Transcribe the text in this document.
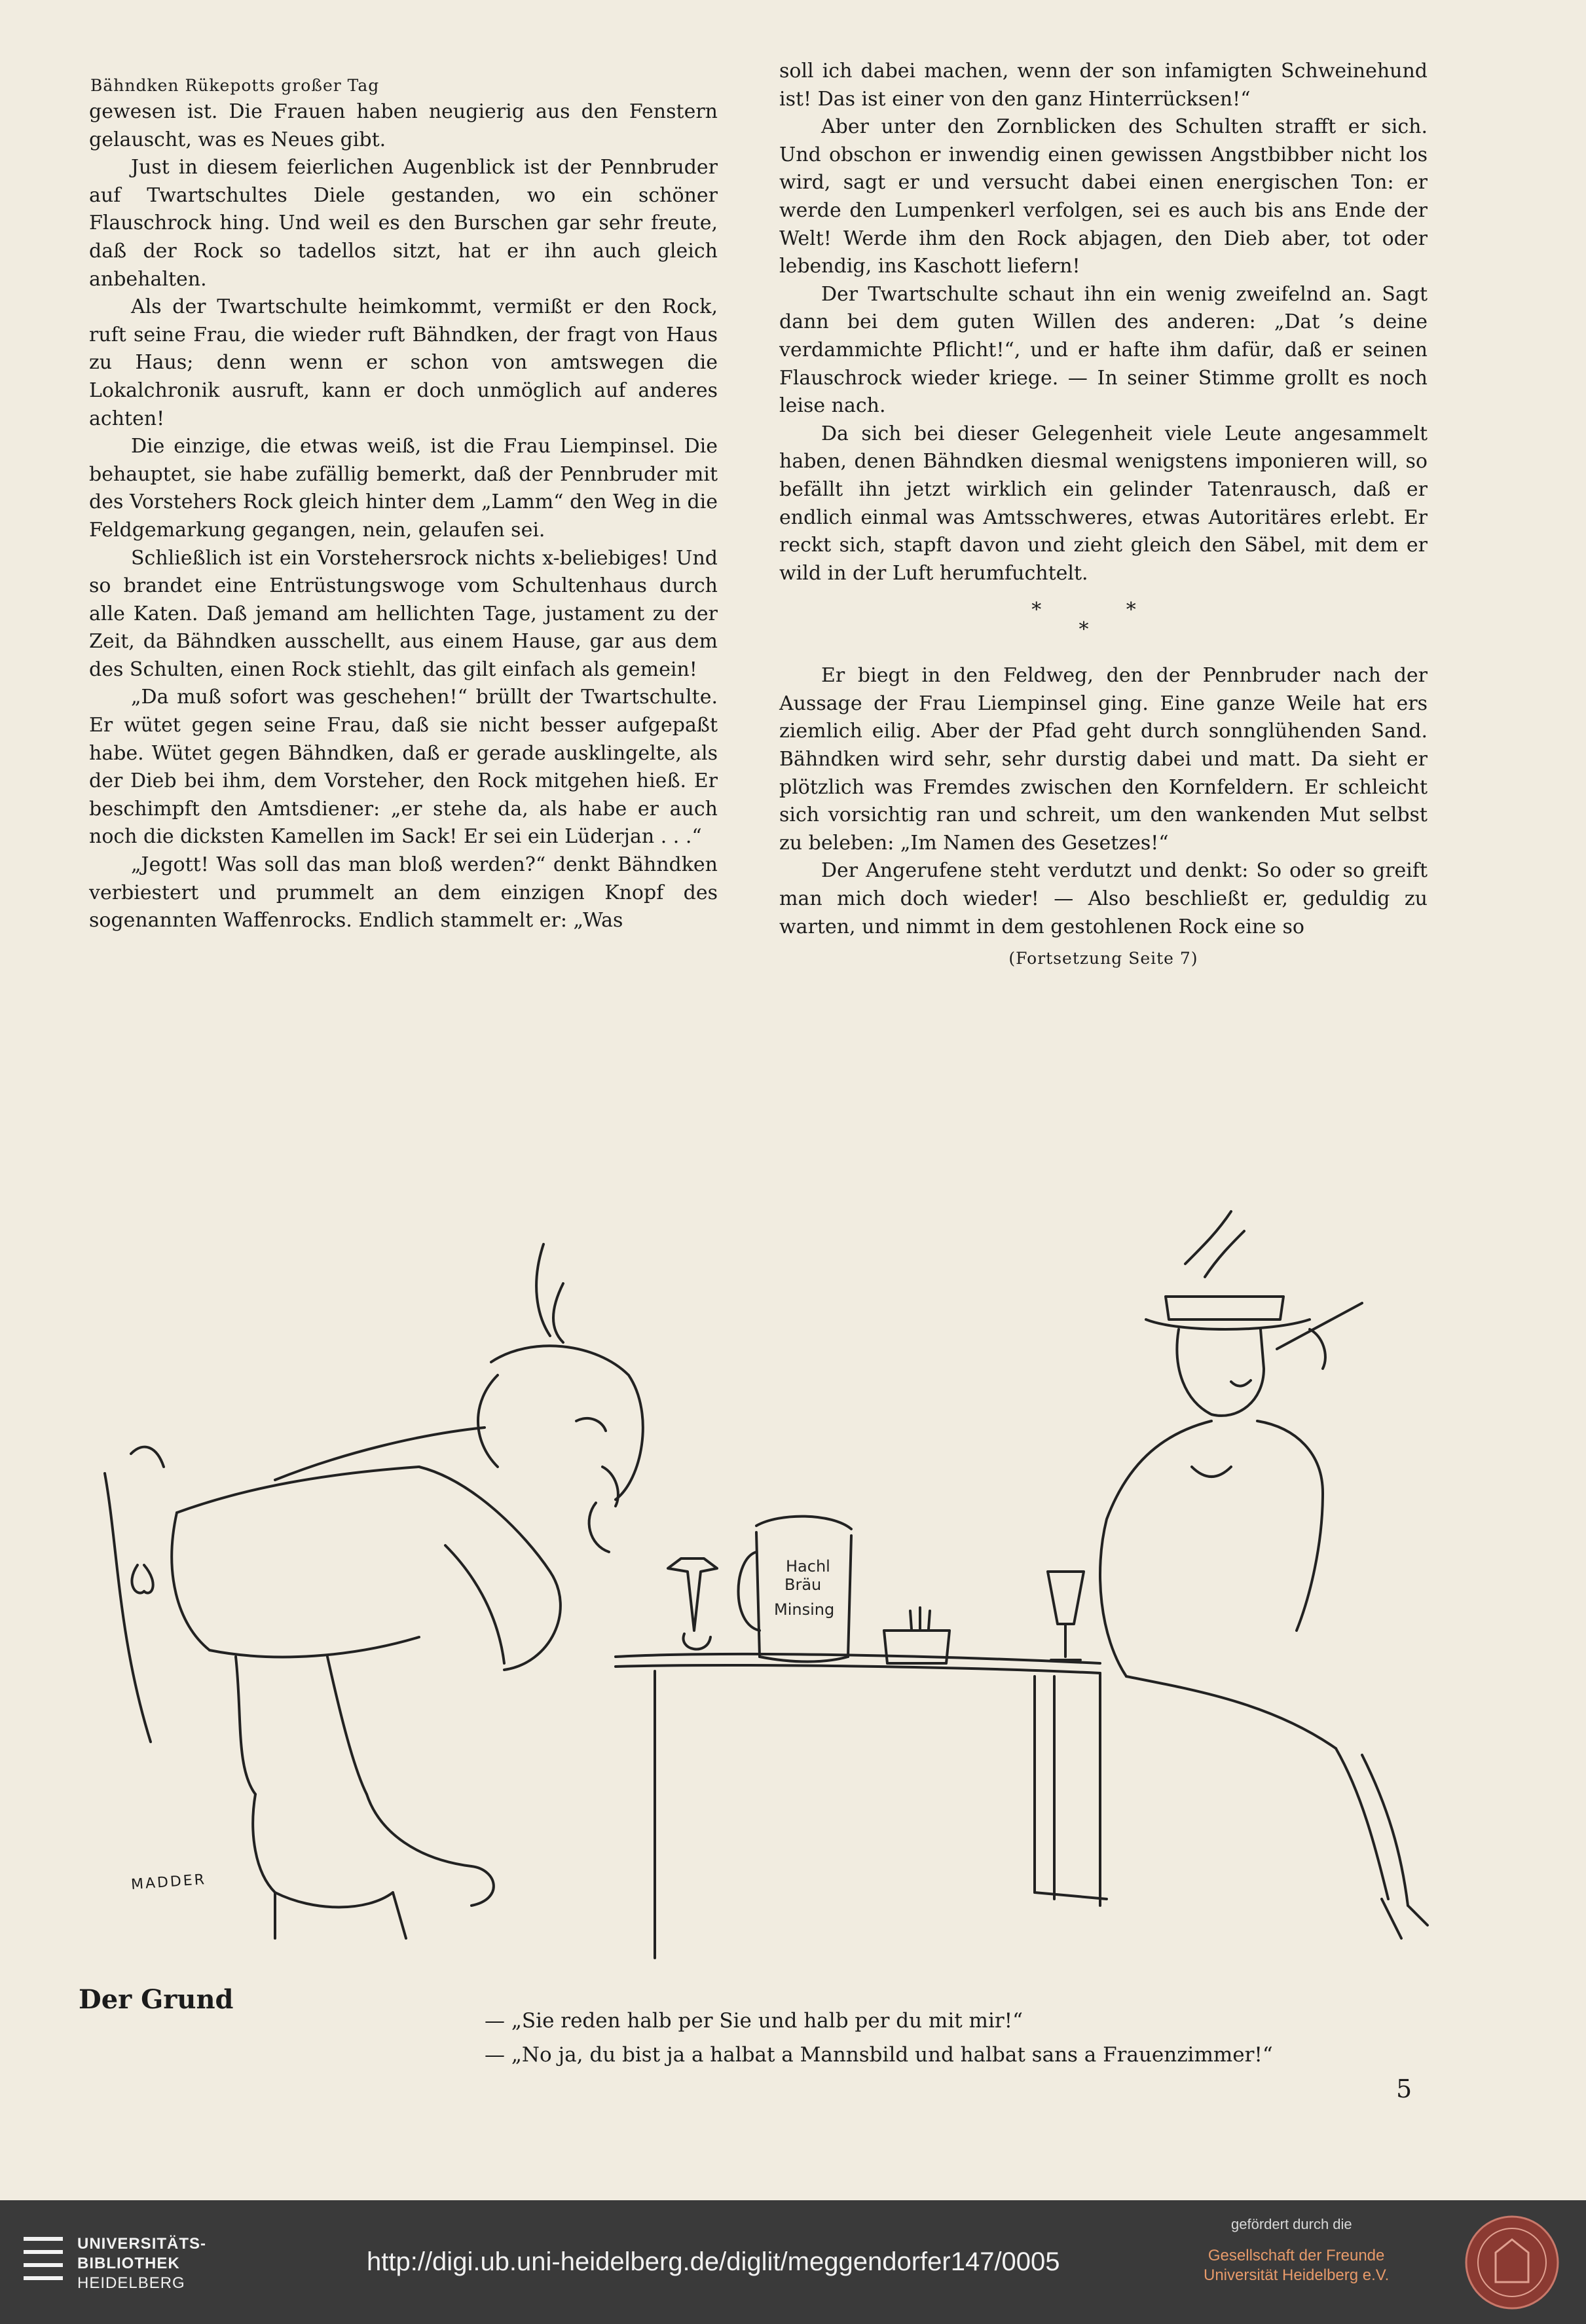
Bähndken Rükepotts großer Tag

gewesen ist. Die Frauen haben neugierig aus den Fenstern gelauscht, was es Neues gibt.

Just in diesem feierlichen Augenblick ist der Pennbruder auf Twartschultes Diele gestanden, wo ein schöner Flauschrock hing. Und weil es den Burschen gar sehr freute, daß der Rock so tadellos sitzt, hat er ihn auch gleich anbehalten.

Als der Twartschulte heimkommt, vermißt er den Rock, ruft seine Frau, die wieder ruft Bähndken, der fragt von Haus zu Haus; denn wenn er schon von amtswegen die Lokalchronik ausruft, kann er doch unmöglich auf anderes achten!

Die einzige, die etwas weiß, ist die Frau Liempinsel. Die behauptet, sie habe zufällig bemerkt, daß der Pennbruder mit des Vorstehers Rock gleich hinter dem „Lamm“ den Weg in die Feldgemarkung gegangen, nein, gelaufen sei.

Schließlich ist ein Vorstehersrock nichts x-beliebiges! Und so brandet eine Entrüstungswoge vom Schultenhaus durch alle Katen. Daß jemand am hellichten Tage, justament zu der Zeit, da Bähndken ausschellt, aus einem Hause, gar aus dem des Schulten, einen Rock stiehlt, das gilt einfach als gemein!

„Da muß sofort was geschehen!“ brüllt der Twartschulte. Er wütet gegen seine Frau, daß sie nicht besser aufgepaßt habe. Wütet gegen Bähndken, daß er gerade ausklingelte, als der Dieb bei ihm, dem Vorsteher, den Rock mitgehen hieß. Er beschimpft den Amtsdiener: „er stehe da, als habe er auch noch die dicksten Kamellen im Sack! Er sei ein Lüderjan . . .“

„Jegott! Was soll das man bloß werden?“ denkt Bähndken verbiestert und prummelt an dem einzigen Knopf des sogenannten Waffenrocks. Endlich stammelt er: „Was

soll ich dabei machen, wenn der son infamigten Schweinehund ist! Das ist einer von den ganz Hinterrücksen!“

Aber unter den Zornblicken des Schulten strafft er sich. Und obschon er inwendig einen gewissen Angstbibber nicht los wird, sagt er und versucht dabei einen energischen Ton: er werde den Lumpenkerl verfolgen, sei es auch bis ans Ende der Welt! Werde ihm den Rock abjagen, den Dieb aber, tot oder lebendig, ins Kaschott liefern!

Der Twartschulte schaut ihn ein wenig zweifelnd an. Sagt dann bei dem guten Willen des anderen: „Dat ’s deine verdammichte Pflicht!“, und er hafte ihm dafür, daß er seinen Flauschrock wieder kriege. — In seiner Stimme grollt es noch leise nach.

Da sich bei dieser Gelegenheit viele Leute angesammelt haben, denen Bähndken diesmal wenigstens imponieren will, so befällt ihn jetzt wirklich ein gelinder Tatenrausch, daß er endlich einmal was Amtsschweres, etwas Autoritäres erlebt. Er reckt sich, stapft davon und zieht gleich den Säbel, mit dem er wild in der Luft herumfuchtelt.

* *
*

Er biegt in den Feldweg, den der Pennbruder nach der Aussage der Frau Liempinsel ging. Eine ganze Weile hat ers ziemlich eilig. Aber der Pfad geht durch sonnglühenden Sand. Bähndken wird sehr, sehr durstig dabei und matt. Da sieht er plötzlich was Fremdes zwischen den Kornfeldern. Er schleicht sich vorsichtig ran und schreit, um den wankenden Mut selbst zu beleben: „Im Namen des Gesetzes!“

Der Angerufene steht verdutzt und denkt: So oder so greift man mich doch wieder! — Also beschließt er, geduldig zu warten, und nimmt in dem gestohlenen Rock eine so

(Fortsetzung Seite 7)
Hachl
Bräu
Minsing
MADDER
Der Grund
— „Sie reden halb per Sie und halb per du mit mir!“
— „No ja, du bist ja a halbat a Mannsbild und halbat sans a Frauenzimmer!“
5
UNIVERSITÄTS-
BIBLIOTHEK
HEIDELBERG
http://digi.ub.uni-heidelberg.de/diglit/meggendorfer147/0005
gefördert durch die
Gesellschaft der Freunde
Universität Heidelberg e.V.
